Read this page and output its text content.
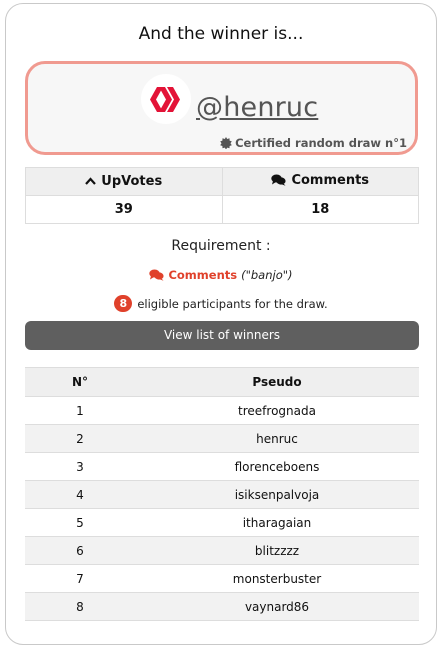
And the winner is...
@henruc
Certified random draw n°1
UpVotes	Comments

39	18
Requirement :
Comments ("banjo")
8 eligible participants for the draw.
View list of winners
N°	Pseudo
1	treefrognada
2	henruc
3	florenceboens
4	isiksenpalvoja
5	itharagaian
6	blitzzzz
7	monsterbuster
8	vaynard86
